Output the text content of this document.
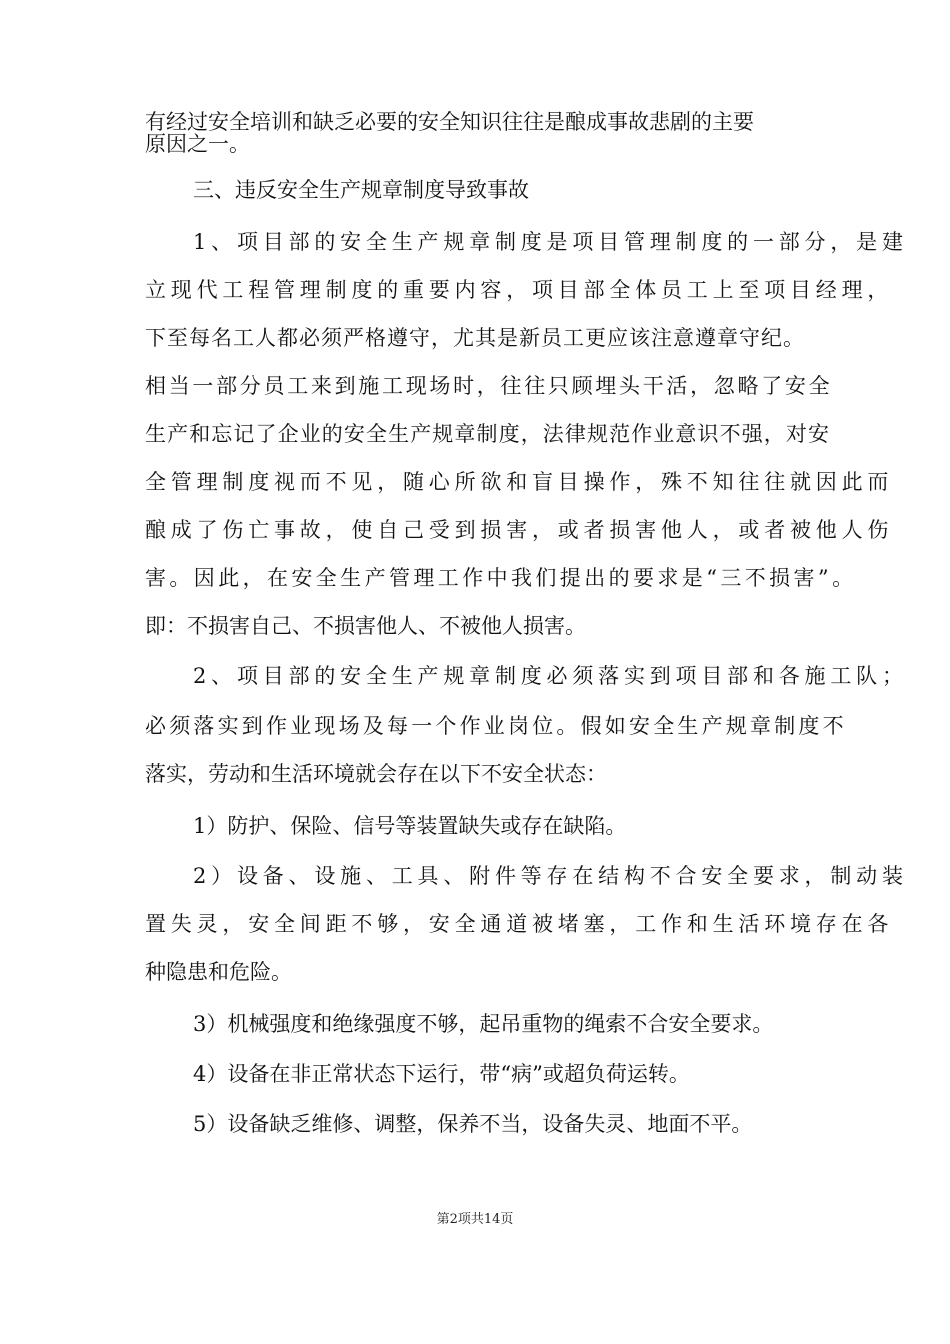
有经过安全培训和缺乏必要的安全知识往往是酿成事故悲剧的主要
原因之一。
三、违反安全生产规章制度导致事故
1、项目部的安全生产规章制度是项目管理制度的一部分，是建
立现代工程管理制度的重要内容，项目部全体员工上至项目经理，
下至每名工人都必须严格遵守，尤其是新员工更应该注意遵章守纪。
相当一部分员工来到施工现场时，往往只顾埋头干活，忽略了安全
生产和忘记了企业的安全生产规章制度，法律规范作业意识不强，对安
全管理制度视而不见，随心所欲和盲目操作，殊不知往往就因此而
酿成了伤亡事故，使自己受到损害，或者损害他人，或者被他人伤
害。因此，在安全生产管理工作中我们提出的要求是“三不损害”。
即：不损害自己、不损害他人、不被他人损害。
2、项目部的安全生产规章制度必须落实到项目部和各施工队；
必须落实到作业现场及每一个作业岗位。假如安全生产规章制度不
落实，劳动和生活环境就会存在以下不安全状态：
1）防护、保险、信号等装置缺失或存在缺陷。
2）设备、设施、工具、附件等存在结构不合安全要求，制动装
置失灵，安全间距不够，安全通道被堵塞，工作和生活环境存在各
种隐患和危险。
3）机械强度和绝缘强度不够，起吊重物的绳索不合安全要求。
4）设备在非正常状态下运行，带“病”或超负荷运转。
5）设备缺乏维修、调整，保养不当，设备失灵、地面不平。
第2项共14页
